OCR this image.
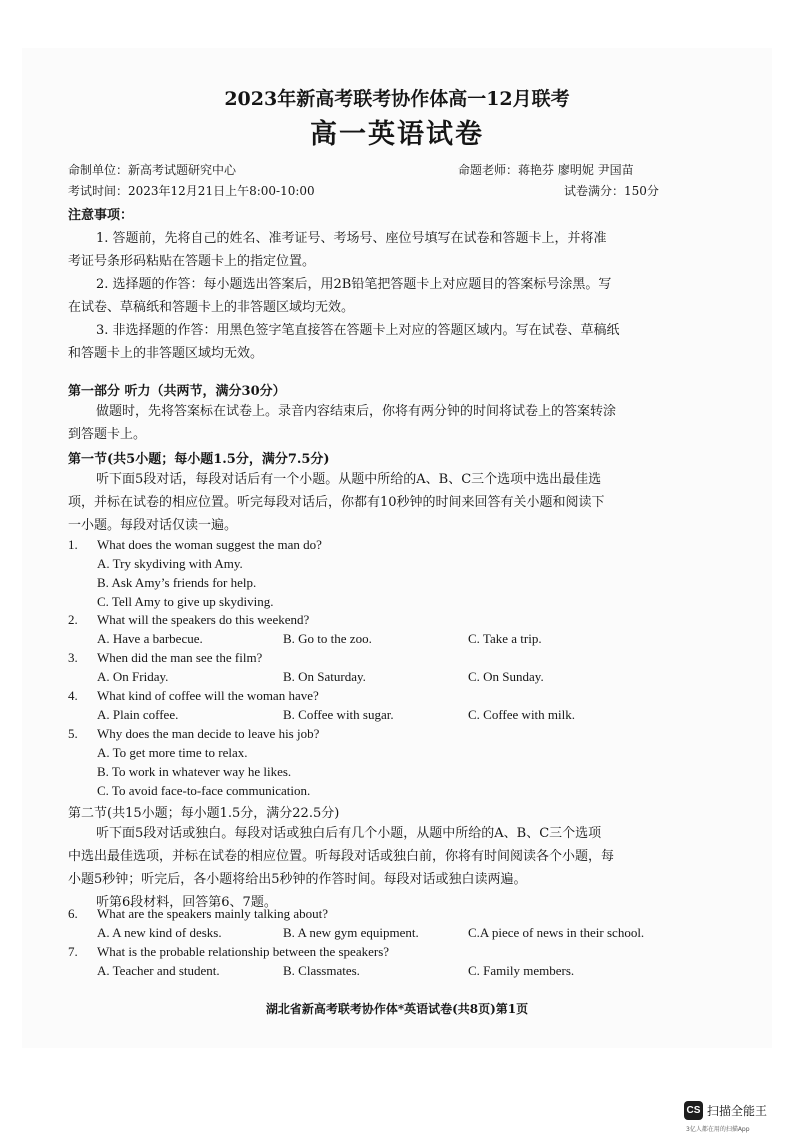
2023年新高考联考协作体高一12月联考
高一英语试卷
命制单位：新高考试题研究中心	命题老师：蒋艳芬 廖明妮 尹国苗
考试时间：2023年12月21日上午8:00-10:00	试卷满分：150分
注意事项：
1. 答题前，先将自己的姓名、准考证号、考场号、座位号填写在试卷和答题卡上，并将准
考证号条形码粘贴在答题卡上的指定位置。
2. 选择题的作答：每小题选出答案后，用2B铅笔把答题卡上对应题目的答案标号涂黑。写
在试卷、草稿纸和答题卡上的非答题区域均无效。
3. 非选择题的作答：用黑色签字笔直接答在答题卡上对应的答题区域内。写在试卷、草稿纸
和答题卡上的非答题区域均无效。
第一部分 听力（共两节，满分30分）
做题时，先将答案标在试卷上。录音内容结束后，你将有两分钟的时间将试卷上的答案转涂
到答题卡上。
第一节(共5小题；每小题1.5分，满分7.5分)
听下面5段对话，每段对话后有一个小题。从题中所给的A、B、C三个选项中选出最佳选
项，并标在试卷的相应位置。听完每段对话后，你都有10秒钟的时间来回答有关小题和阅读下
一小题。每段对话仅读一遍。
1. What does the woman suggest the man do?
A. Try skydiving with Amy.
B. Ask Amy’s friends for help.
C. Tell Amy to give up skydiving.
2. What will the speakers do this weekend?
A. Have a barbecue.	B. Go to the zoo.	C. Take a trip.
3. When did the man see the film?
A. On Friday.	B. On Saturday.	C. On Sunday.
4. What kind of coffee will the woman have?
A. Plain coffee.	B. Coffee with sugar.	C. Coffee with milk.
5. Why does the man decide to leave his job?
A. To get more time to relax.
B. To work in whatever way he likes.
C. To avoid face-to-face communication.
第二节(共15小题；每小题1.5分，满分22.5分)
听下面5段对话或独白。每段对话或独白后有几个小题，从题中所给的A、B、C三个选项
中选出最佳选项，并标在试卷的相应位置。听每段对话或独白前，你将有时间阅读各个小题，每
小题5秒钟；听完后，各小题将给出5秒钟的作答时间。每段对话或独白读两遍。
听第6段材料，回答第6、7题。
6. What are the speakers mainly talking about?
A. A new kind of desks.	B. A new gym equipment.	C.A piece of news in their school.
7. What is the probable relationship between the speakers?
A. Teacher and student.	B. Classmates.	C. Family members.
湖北省新高考联考协作体*英语试卷(共8页)第1页
CS 扫描全能王
3亿人都在用的扫描App
